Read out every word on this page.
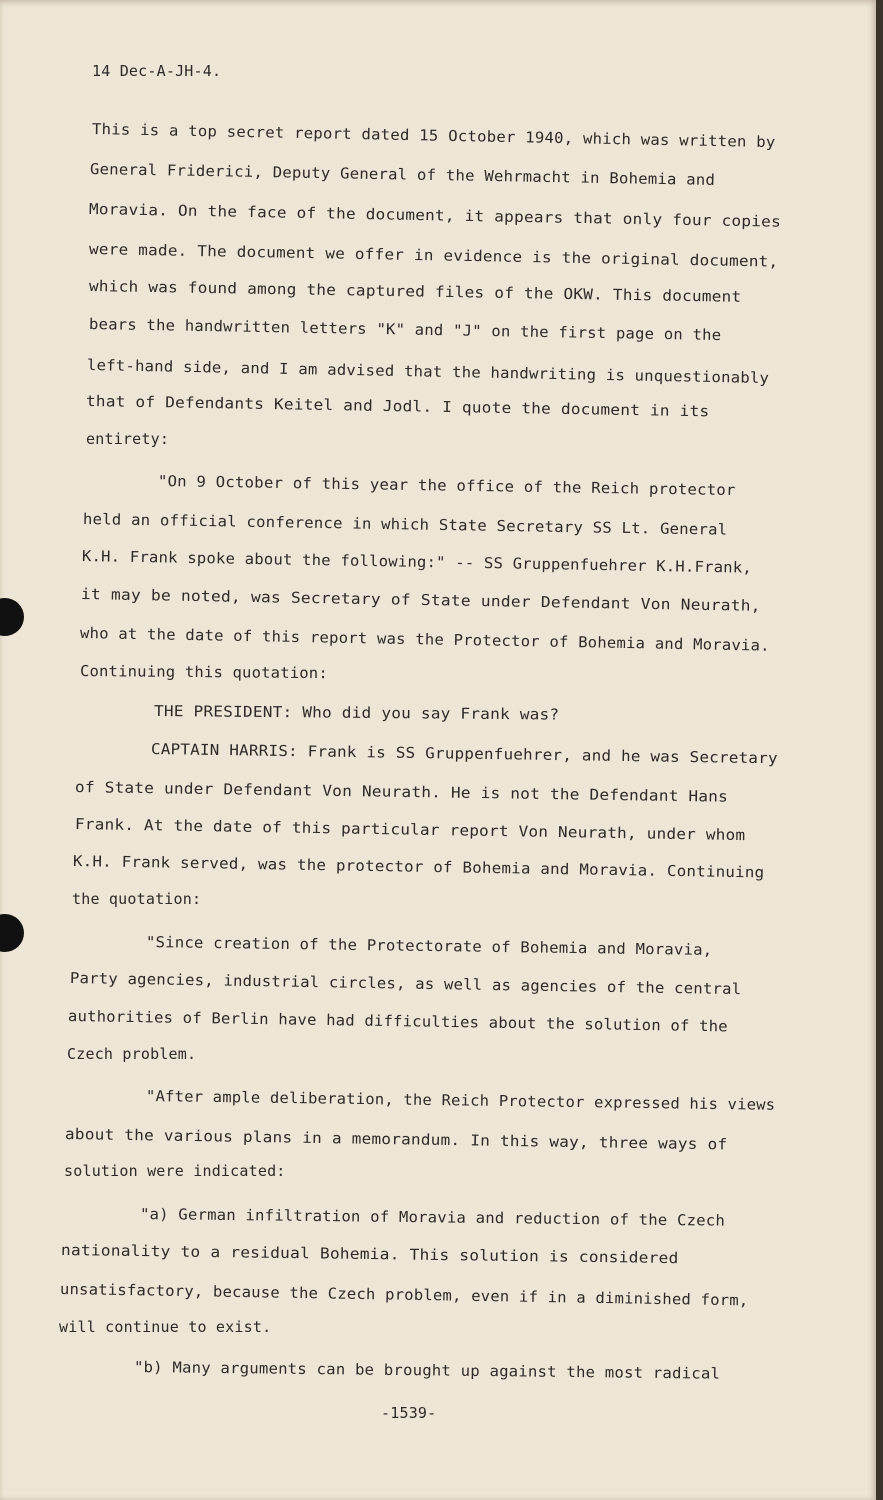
14 Dec-A-JH-4.
This is a top secret report dated 15 October 1940, which was written by
General Friderici, Deputy General of the Wehrmacht in Bohemia and
Moravia. On the face of the document, it appears that only four copies
were made. The document we offer in evidence is the original document,
which was found among the captured files of the OKW. This document
bears the handwritten letters "K" and "J" on the first page on the
left-hand side, and I am advised that the handwriting is unquestionably
that of Defendants Keitel and Jodl. I quote the document in its
entirety:
"On 9 October of this year the office of the Reich protector
held an official conference in which State Secretary SS Lt. General
K.H. Frank spoke about the following:" -- SS Gruppenfuehrer K.H.Frank,
it may be noted, was Secretary of State under Defendant Von Neurath,
who at the date of this report was the Protector of Bohemia and Moravia.
Continuing this quotation:
THE PRESIDENT: Who did you say Frank was?
CAPTAIN HARRIS: Frank is SS Gruppenfuehrer, and he was Secretary
of State under Defendant Von Neurath. He is not the Defendant Hans
Frank. At the date of this particular report Von Neurath, under whom
K.H. Frank served, was the protector of Bohemia and Moravia. Continuing
the quotation:
"Since creation of the Protectorate of Bohemia and Moravia,
Party agencies, industrial circles, as well as agencies of the central
authorities of Berlin have had difficulties about the solution of the
Czech problem.
"After ample deliberation, the Reich Protector expressed his views
about the various plans in a memorandum. In this way, three ways of
solution were indicated:
"a) German infiltration of Moravia and reduction of the Czech
nationality to a residual Bohemia. This solution is considered
unsatisfactory, because the Czech problem, even if in a diminished form,
will continue to exist.
"b) Many arguments can be brought up against the most radical
-1539-
